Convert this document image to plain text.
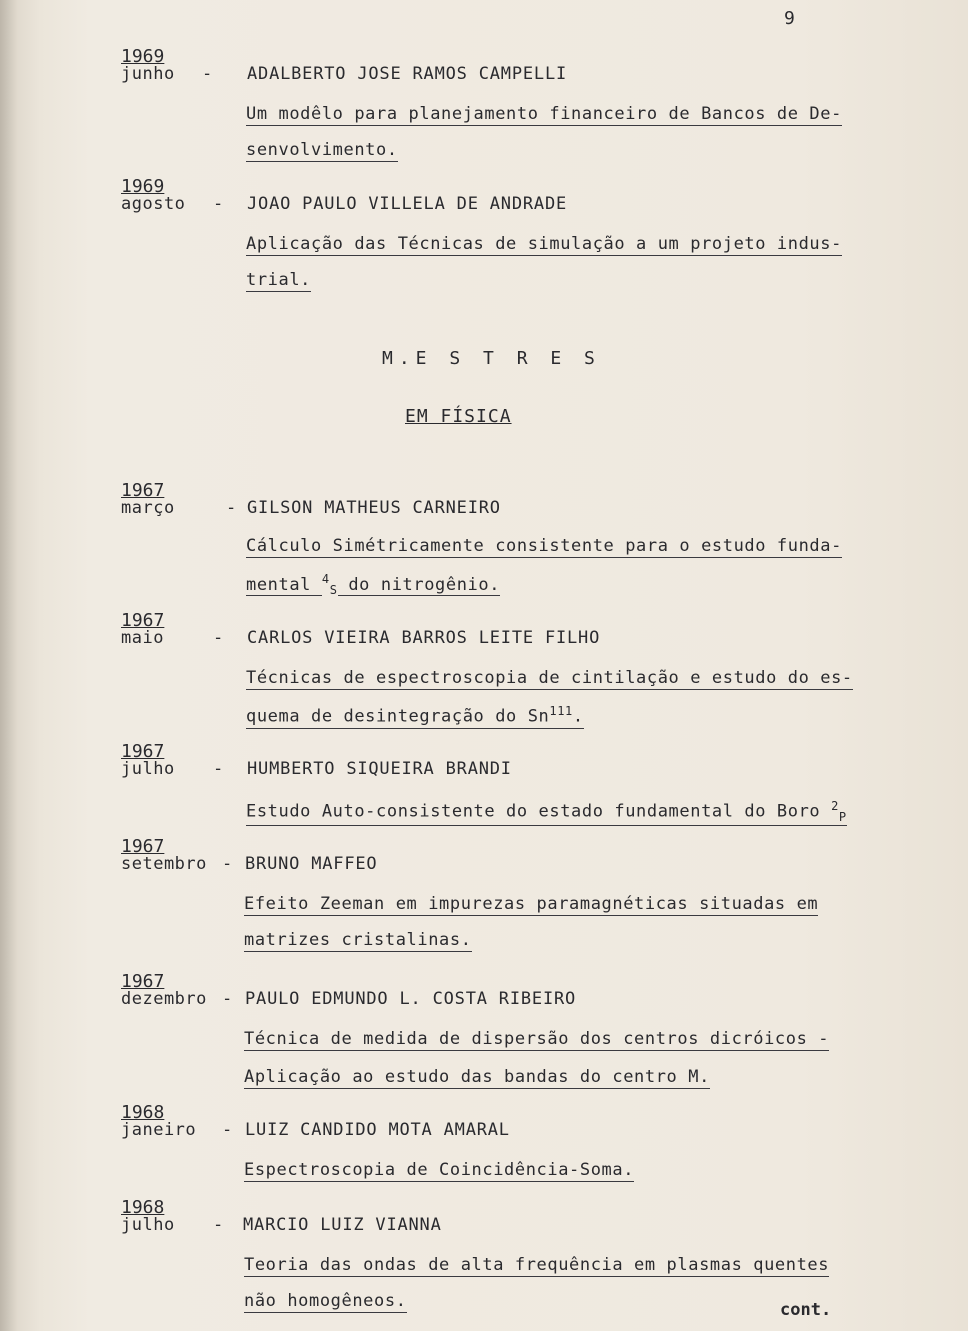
9
1969
junho - ADALBERTO JOSE RAMOS CAMPELLI
Um modêlo para planejamento financeiro de Bancos de De-
senvolvimento.
1969
agosto - JOAO PAULO VILLELA DE ANDRADE
Aplicação das Técnicas de simulação a um projeto indus-
trial.
M.E S T R E S
EM FÍSICA
1967
março	- GILSON MATHEUS CARNEIRO
Cálculo Simétricamente consistente para o estudo funda-
mental $^4_S$ do nitrogênio.
1967
maio	- CARLOS VIEIRA BARROS LEITE FILHO
Técnicas de espectroscopia de cintilação e estudo do es-
quema de desintegração do Sn$^{111}$.
1967
julho - HUMBERTO SIQUEIRA BRANDI
Estudo Auto-consistente do estado fundamental do Boro $^2_P$
1967
setembro - BRUNO MAFFEO
Efeito Zeeman em impurezas paramagnéticas situadas em
matrizes cristalinas.
1967
dezembro - PAULO EDMUNDO L. COSTA RIBEIRO
Técnica de medida de dispersão dos centros dicróicos -
Aplicação ao estudo das bandas do centro M.
1968
janeiro - LUIZ CANDIDO MOTA AMARAL
Espectroscopia de Coincidência-Soma.
1968
julho - MARCIO LUIZ VIANNA
Teoria das ondas de alta frequência em plasmas quentes
não homogêneos.	cont.
